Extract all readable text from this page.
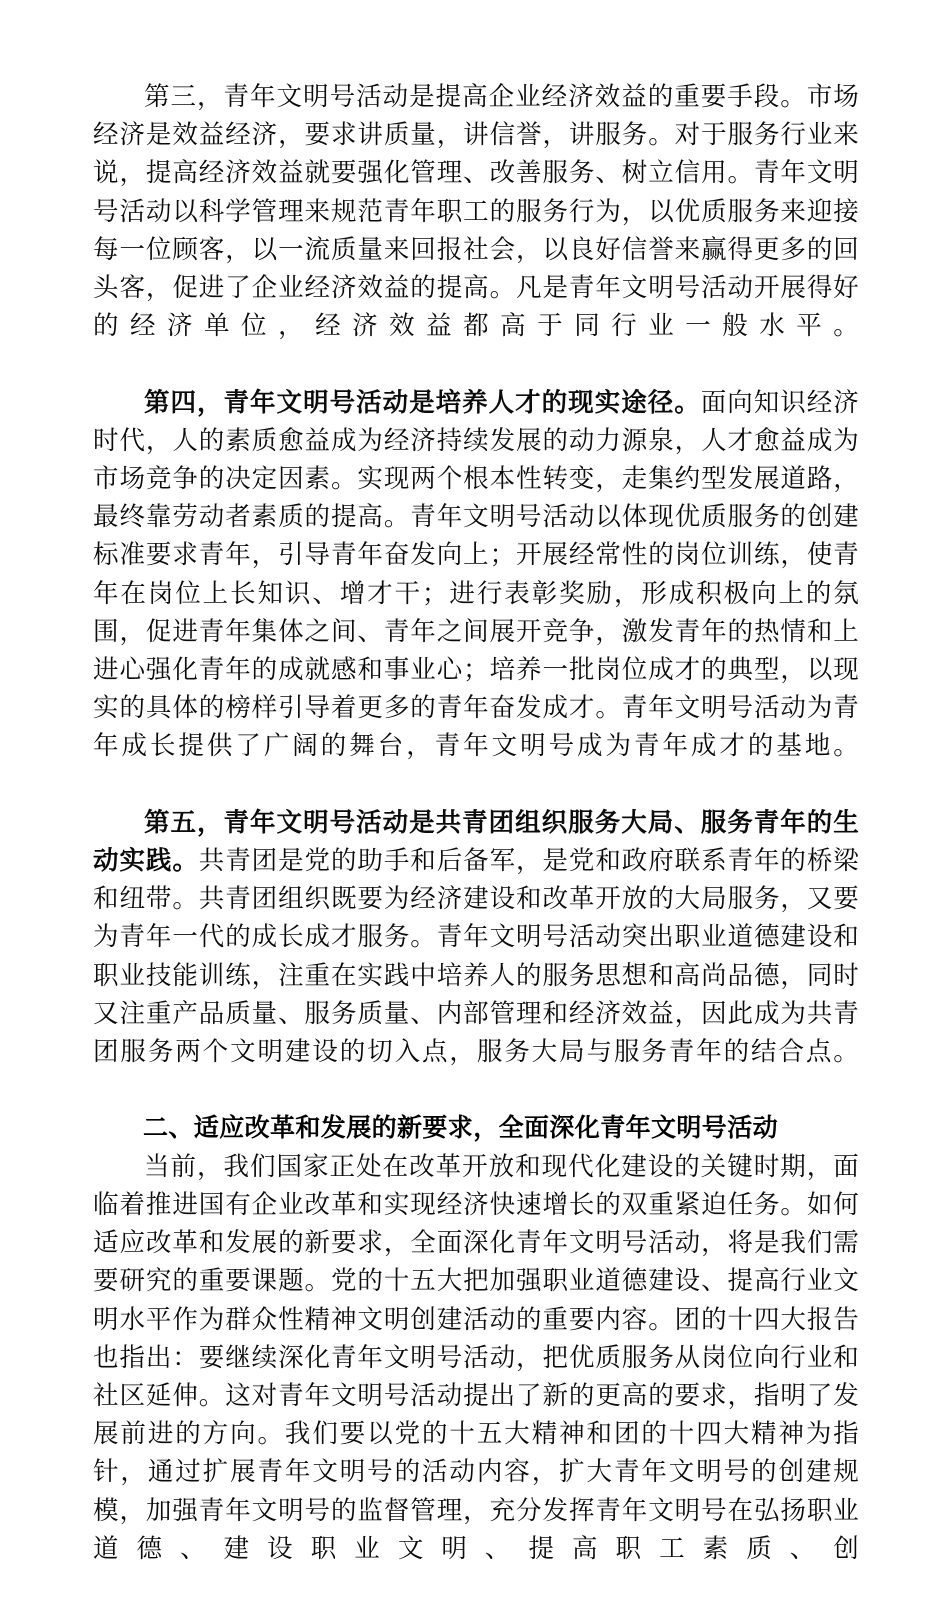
第三，青年文明号活动是提高企业经济效益的重要手段。市场经济是效益经济，要求讲质量，讲信誉，讲服务。对于服务行业来说，提高经济效益就要强化管理、改善服务、树立信用。青年文明号活动以科学管理来规范青年职工的服务行为，以优质服务来迎接每一位顾客，以一流质量来回报社会，以良好信誉来赢得更多的回头客，促进了企业经济效益的提高。凡是青年文明号活动开展得好的经济单位，经济效益都高于同行业一般水平。

第四，青年文明号活动是培养人才的现实途径。面向知识经济时代，人的素质愈益成为经济持续发展的动力源泉，人才愈益成为市场竞争的决定因素。实现两个根本性转变，走集约型发展道路，最终靠劳动者素质的提高。青年文明号活动以体现优质服务的创建标准要求青年，引导青年奋发向上；开展经常性的岗位训练，使青年在岗位上长知识、增才干；进行表彰奖励，形成积极向上的氛围，促进青年集体之间、青年之间展开竞争，激发青年的热情和上进心强化青年的成就感和事业心；培养一批岗位成才的典型，以现实的具体的榜样引导着更多的青年奋发成才。青年文明号活动为青年成长提供了广阔的舞台，青年文明号成为青年成才的基地。

第五，青年文明号活动是共青团组织服务大局、服务青年的生动实践。共青团是党的助手和后备军，是党和政府联系青年的桥梁和纽带。共青团组织既要为经济建设和改革开放的大局服务，又要为青年一代的成长成才服务。青年文明号活动突出职业道德建设和职业技能训练，注重在实践中培养人的服务思想和高尚品德，同时又注重产品质量、服务质量、内部管理和经济效益，因此成为共青团服务两个文明建设的切入点，服务大局与服务青年的结合点。

二、适应改革和发展的新要求，全面深化青年文明号活动

当前，我们国家正处在改革开放和现代化建设的关键时期，面临着推进国有企业改革和实现经济快速增长的双重紧迫任务。如何适应改革和发展的新要求，全面深化青年文明号活动，将是我们需要研究的重要课题。党的十五大把加强职业道德建设、提高行业文明水平作为群众性精神文明创建活动的重要内容。团的十四大报告也指出：要继续深化青年文明号活动，把优质服务从岗位向行业和社区延伸。这对青年文明号活动提出了新的更高的要求，指明了发展前进的方向。我们要以党的十五大精神和团的十四大精神为指针，通过扩展青年文明号的活动内容，扩大青年文明号的创建规模，加强青年文明号的监督管理，充分发挥青年文明号在弘扬职业道德、建设职业文明、提高职工素质、创
